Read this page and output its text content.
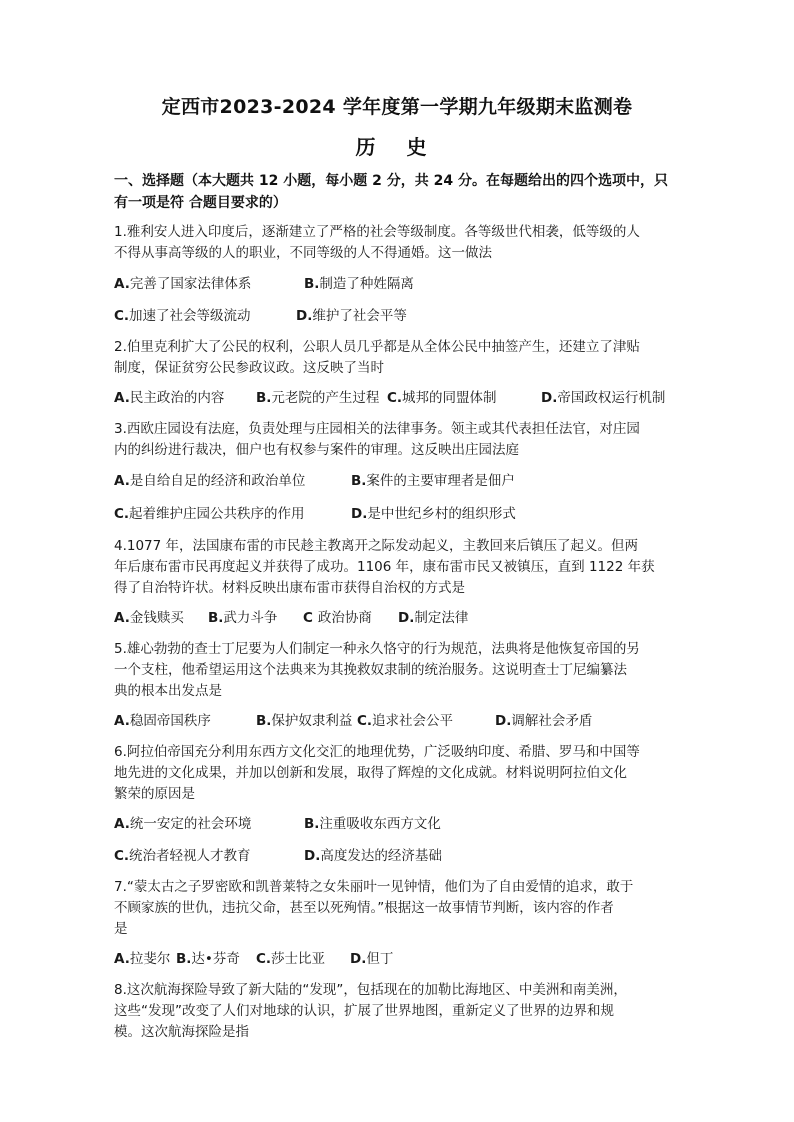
定西市2023-2024 学年度第一学期九年级期末监测卷
历 史
一、选择题（本大题共 12 小题，每小题 2 分，共 24 分。在每题给出的四个选项中，只
有一项是符 合题目要求的）
1.雅利安人进入印度后，逐渐建立了严格的社会等级制度。各等级世代相袭，低等级的人
不得从事高等级的人的职业，不同等级的人不得通婚。这一做法
A.完善了国家法律体系	B.制造了种姓隔离
C.加速了社会等级流动	D.维护了社会平等
2.伯里克利扩大了公民的权利，公职人员几乎都是从全体公民中抽签产生，还建立了津贴
制度，保证贫穷公民参政议政。这反映了当时
A.民主政治的内容 B.元老院的产生过程 C.城邦的同盟体制	D.帝国政权运行机制
3.西欧庄园设有法庭，负责处理与庄园相关的法律事务。领主或其代表担任法官，对庄园
内的纠纷进行裁决，佃户也有权参与案件的审理。这反映出庄园法庭
A.是自给自足的经济和政治单位	B.案件的主要审理者是佃户
C.起着维护庄园公共秩序的作用	D.是中世纪乡村的组织形式
4.1077 年，法国康布雷的市民趁主教离开之际发动起义，主教回来后镇压了起义。但两
年后康布雷市民再度起义并获得了成功。1106 年，康布雷市民又被镇压，直到 1122 年获
得了自治特许状。材料反映出康布雷市获得自治权的方式是
A.金钱赎买 B.武力斗争 C 政治协商 D.制定法律
5.雄心勃勃的查士丁尼要为人们制定一种永久恪守的行为规范，法典将是他恢复帝国的另
一个支柱，他希望运用这个法典来为其挽救奴隶制的统治服务。这说明查士丁尼编纂法
典的根本出发点是
A.稳固帝国秩序	B.保护奴隶利益 C.追求社会公平	D.调解社会矛盾
6.阿拉伯帝国充分利用东西方文化交汇的地理优势，广泛吸纳印度、希腊、罗马和中国等
地先进的文化成果，并加以创新和发展，取得了辉煌的文化成就。材料说明阿拉伯文化
繁荣的原因是
A.统一安定的社会环境	B.注重吸收东西方文化
C.统治者轻视人才教育	D.高度发达的经济基础
7.“蒙太古之子罗密欧和凯普莱特之女朱丽叶一见钟情，他们为了自由爱情的追求，敢于
不顾家族的世仇，违抗父命，甚至以死殉情。”根据这一故事情节判断，该内容的作者
是
A.拉斐尔 B.达•芬奇 C.莎士比亚 D.但丁
8.这次航海探险导致了新大陆的“发现”，包括现在的加勒比海地区、中美洲和南美洲，
这些“发现”改变了人们对地球的认识，扩展了世界地图，重新定义了世界的边界和规
模。这次航海探险是指
